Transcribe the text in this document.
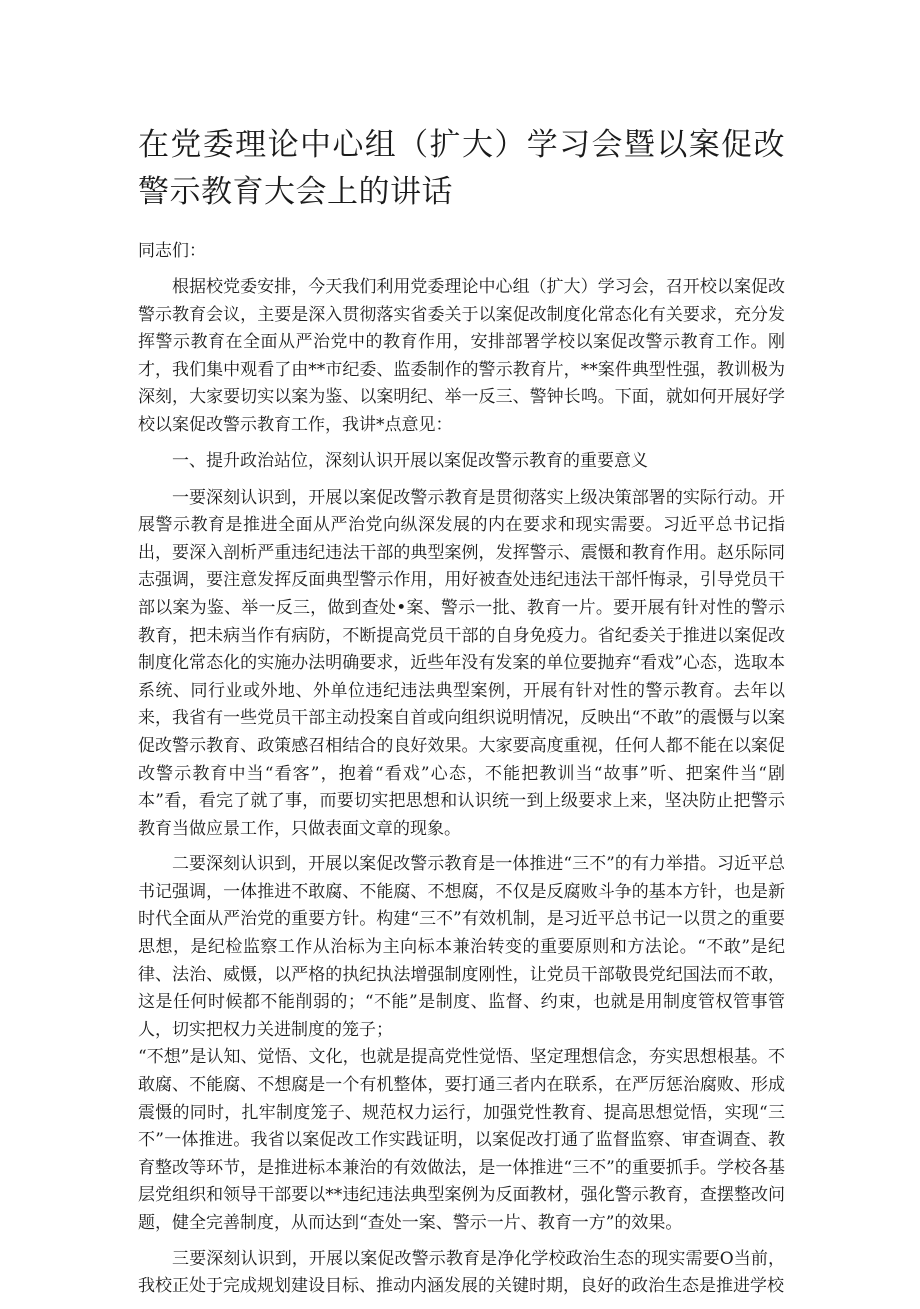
在党委理论中心组（扩大）学习会暨以案促改警示教育大会上的讲话

同志们：

根据校党委安排，今天我们利用党委理论中心组（扩大）学习会，召开校以案促改警示教育会议，主要是深入贯彻落实省委关于以案促改制度化常态化有关要求，充分发挥警示教育在全面从严治党中的教育作用，安排部署学校以案促改警示教育工作。刚才，我们集中观看了由**市纪委、监委制作的警示教育片，**案件典型性强，教训极为深刻，大家要切实以案为鉴、以案明纪、举一反三、警钟长鸣。下面，就如何开展好学校以案促改警示教育工作，我讲*点意见：

一、提升政治站位，深刻认识开展以案促改警示教育的重要意义

一要深刻认识到，开展以案促改警示教育是贯彻落实上级决策部署的实际行动。开展警示教育是推进全面从严治党向纵深发展的内在要求和现实需要。习近平总书记指出，要深入剖析严重违纪违法干部的典型案例，发挥警示、震慑和教育作用。赵乐际同志强调，要注意发挥反面典型警示作用，用好被查处违纪违法干部忏悔录，引导党员干部以案为鉴、举一反三，做到查处•案、警示一批、教育一片。要开展有针对性的警示教育，把未病当作有病防，不断提高党员干部的自身免疫力。省纪委关于推进以案促改制度化常态化的实施办法明确要求，近些年没有发案的单位要抛弃“看戏”心态，选取本系统、同行业或外地、外单位违纪违法典型案例，开展有针对性的警示教育。去年以来，我省有一些党员干部主动投案自首或向组织说明情况，反映出“不敢”的震慑与以案促改警示教育、政策感召相结合的良好效果。大家要高度重视，任何人都不能在以案促改警示教育中当“看客”，抱着“看戏”心态，不能把教训当“故事”听、把案件当“剧本”看，看完了就了事，而要切实把思想和认识统一到上级要求上来，坚决防止把警示教育当做应景工作，只做表面文章的现象。

二要深刻认识到，开展以案促改警示教育是一体推进“三不”的有力举措。习近平总书记强调，一体推进不敢腐、不能腐、不想腐，不仅是反腐败斗争的基本方针，也是新时代全面从严治党的重要方针。构建“三不”有效机制，是习近平总书记一以贯之的重要思想，是纪检监察工作从治标为主向标本兼治转变的重要原则和方法论。“不敢”是纪律、法治、威慑，以严格的执纪执法增强制度刚性，让党员干部敬畏党纪国法而不敢，这是任何时候都不能削弱的；“不能”是制度、监督、约束，也就是用制度管权管事管人，切实把权力关进制度的笼子；

“不想”是认知、觉悟、文化，也就是提高党性觉悟、坚定理想信念，夯实思想根基。不敢腐、不能腐、不想腐是一个有机整体，要打通三者内在联系，在严厉惩治腐败、形成震慑的同时，扎牢制度笼子、规范权力运行，加强党性教育、提高思想觉悟，实现“三不”一体推进。我省以案促改工作实践证明，以案促改打通了监督监察、审查调查、教育整改等环节，是推进标本兼治的有效做法，是一体推进“三不”的重要抓手。学校各基层党组织和领导干部要以**违纪违法典型案例为反面教材，强化警示教育，查摆整改问题，健全完善制度，从而达到“查处一案、警示一片、教育一方”的效果。

三要深刻认识到，开展以案促改警示教育是净化学校政治生态的现实需要O当前，我校正处于完成规划建设目标、推动内涵发展的关键时期，良好的政治生态是推进学校
